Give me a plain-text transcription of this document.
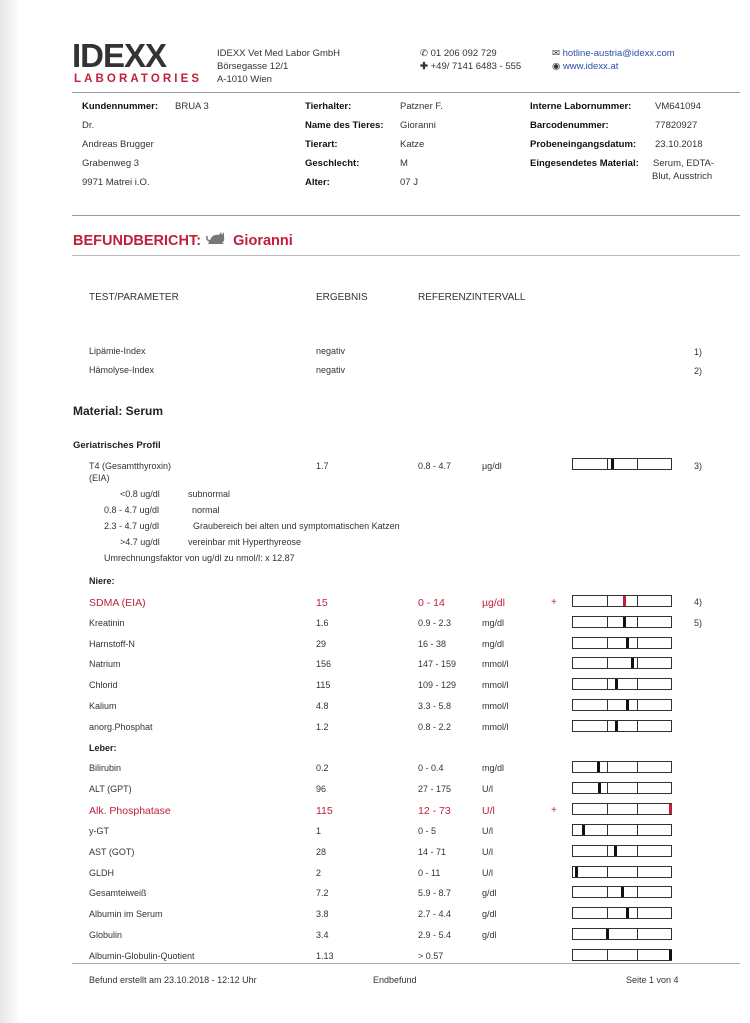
IDEXX
LABORATORIES
IDEXX Vet Med Labor GmbH
Börsegasse 12/1
A-1010 Wien
✆ 01 206 092 729
✚ +49/ 7141 6483 - 555
✉ hotline-austria@idexx.com
◉ www.idexx.at
Kundennummer: BRUA 3
Dr.
Andreas Brugger
Grabenweg 3
9971 Matrei i.O.
Tierhalter:	Patzner F.
Name des Tieres: Gioranni
Tierart:	Katze
Geschlecht:	M
Alter:	07 J
Interne Labornummer: VM641094
Barcodenummer:	77820927
Probeneingangsdatum: 23.10.2018
Eingesendetes Material: Serum, EDTA-
Blut, Ausstrich
BEFUNDBERICHT: Gioranni
TEST/PARAMETER	ERGEBNIS	REFERENZINTERVALL
Lipämie-Index	negativ	1)
Hämolyse-Index	negativ	2)
Material: Serum
Geriatrisches Profil
T4 (Gesamtthyroxin)
(EIA)
1.7	0.8 - 4.7	µg/dl	3)
<0.8 ug/dl	subnormal
0.8 - 4.7 ug/dl	normal
2.3 - 4.7 ug/dl	Graubereich bei alten und symptomatischen Katzen
>4.7 ug/dl	vereinbar mit Hyperthyreose
Umrechnungsfaktor von ug/dl zu nmol/l: x 12.87
Niere:
SDMA (EIA)	15	0 - 14	µg/dl	+	4)
Kreatinin	1.6	0.9 - 2.3	mg/dl	5)
Harnstoff-N	29	16 - 38	mg/dl
Natrium	156	147 - 159	mmol/l
Chlorid	115	109 - 129	mmol/l
Kalium	4.8	3.3 - 5.8	mmol/l
anorg.Phosphat	1.2	0.8 - 2.2	mmol/l
Leber:
Bilirubin	0.2	0 - 0.4	mg/dl
ALT (GPT)	96	27 - 175	U/l
Alk. Phosphatase	115	12 - 73	U/l	+
y-GT	1	0 - 5	U/l
AST (GOT)	28	14 - 71	U/l
GLDH	2	0 - 11	U/l
Gesamteiweiß	7.2	5.9 - 8.7	g/dl
Albumin im Serum	3.8	2.7 - 4.4	g/dl
Globulin	3.4	2.9 - 5.4	g/dl
Albumin-Globulin-Quotient	1.13	> 0.57
Befund erstellt am 23.10.2018 - 12:12 Uhr	Endbefund	Seite 1 von 4
